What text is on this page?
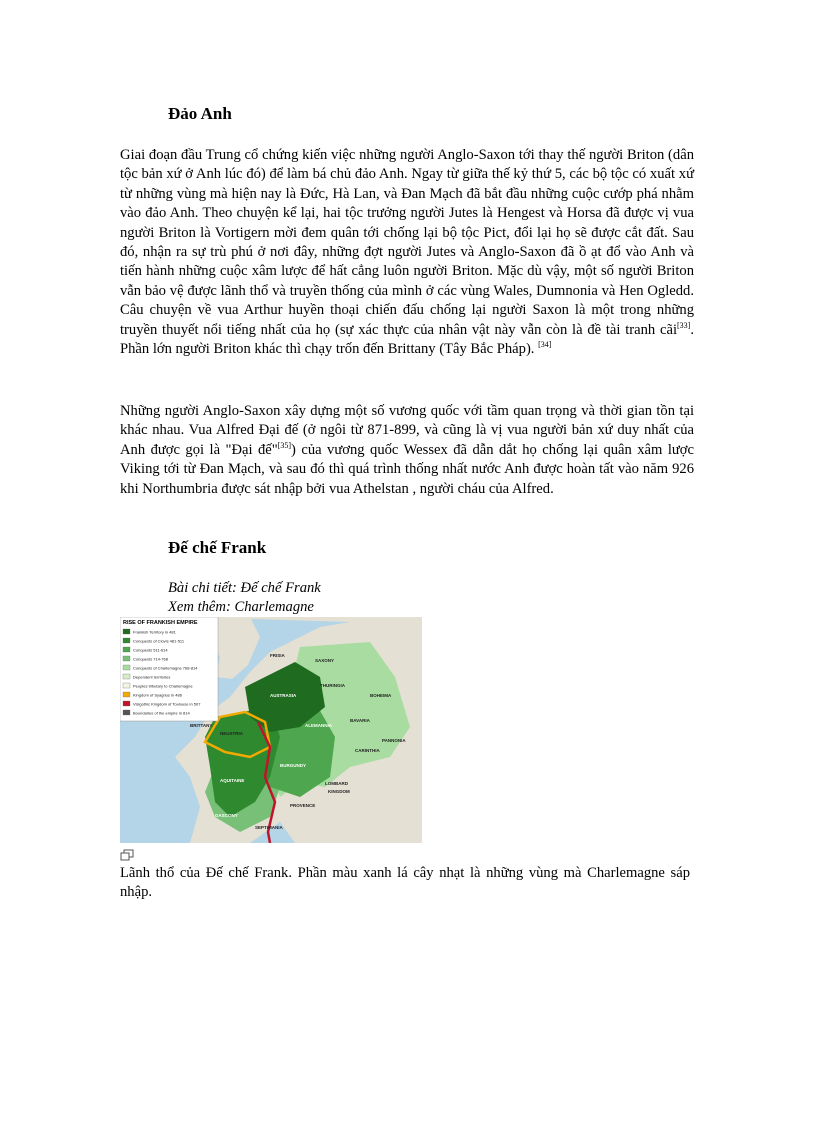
Đảo Anh

Giai đoạn đầu Trung cổ chứng kiến việc những người Anglo-Saxon tới thay thế người Briton (dân tộc bản xứ ở Anh lúc đó) để làm bá chủ đảo Anh. Ngay từ giữa thế kỷ thứ 5, các bộ tộc có xuất xứ từ những vùng mà hiện nay là Đức, Hà Lan, và Đan Mạch đã bắt đầu những cuộc cướp phá nhằm vào đảo Anh. Theo chuyện kể lại, hai tộc trưởng người Jutes là Hengest và Horsa đã được vị vua người Briton là Vortigern mời đem quân tới chống lại bộ tộc Pict, đổi lại họ sẽ được cắt đất. Sau đó, nhận ra sự trù phú ở nơi đây, những đợt người Jutes và Anglo-Saxon đã ồ ạt đổ vào Anh và tiến hành những cuộc xâm lược để hất cẳng luôn người Briton. Mặc dù vậy, một số người Briton vẫn bảo vệ được lãnh thổ và truyền thống của mình ở các vùng Wales, Dumnonia và Hen Ogledd. Câu chuyện về vua Arthur huyền thoại chiến đấu chống lại người Saxon là một trong những truyền thuyết nổi tiếng nhất của họ (sự xác thực của nhân vật này vẫn còn là đề tài tranh cãi[33]. Phần lớn người Briton khác thì chạy trốn đến Brittany (Tây Bắc Pháp). [34]

Những người Anglo-Saxon xây dựng một số vương quốc với tầm quan trọng và thời gian tồn tại khác nhau. Vua Alfred Đại đế (ở ngôi từ 871-899, và cũng là vị vua người bản xứ duy nhất của Anh được gọi là "Đại đế"[35]) của vương quốc Wessex đã dẫn dắt họ chống lại quân xâm lược Viking tới từ Đan Mạch, và sau đó thì quá trình thống nhất nước Anh được hoàn tất vào năm 926 khi Northumbria được sát nhập bởi vua Athelstan , người cháu của Alfred.

Đế chế Frank

Bài chi tiết: Đế chế Frank

Xem thêm: Charlemagne

RISE OF FRANKISH EMPIRE
Frankish Territory in 481
Conquests of Clovis 481-511
Conquests 511-614
Conquests 714-768
Conquests of Charlemagne 768-814
Dependent territories
Peoples tributary to Charlemagne
Kingdom of Syagrius in 486
Visigothic Kingdom of Toulouse in 507
Boundaries of the empire in 814
FRISIA
SAXONY
AUSTRASIA
THURINGIA
BOHEMIA
NEUSTRIA
BRITTANY	ALEMANNIA
BAVARIA
PANNONIA
AQUITAINE
BURGUNDY
CARINTHIA
GASCONY
SEPTIMANIA
PROVENCE
LOMBARD
KINGDOM

Lãnh thổ của Đế chế Frank. Phần màu xanh lá cây nhạt là những vùng mà Charlemagne sáp nhập.
